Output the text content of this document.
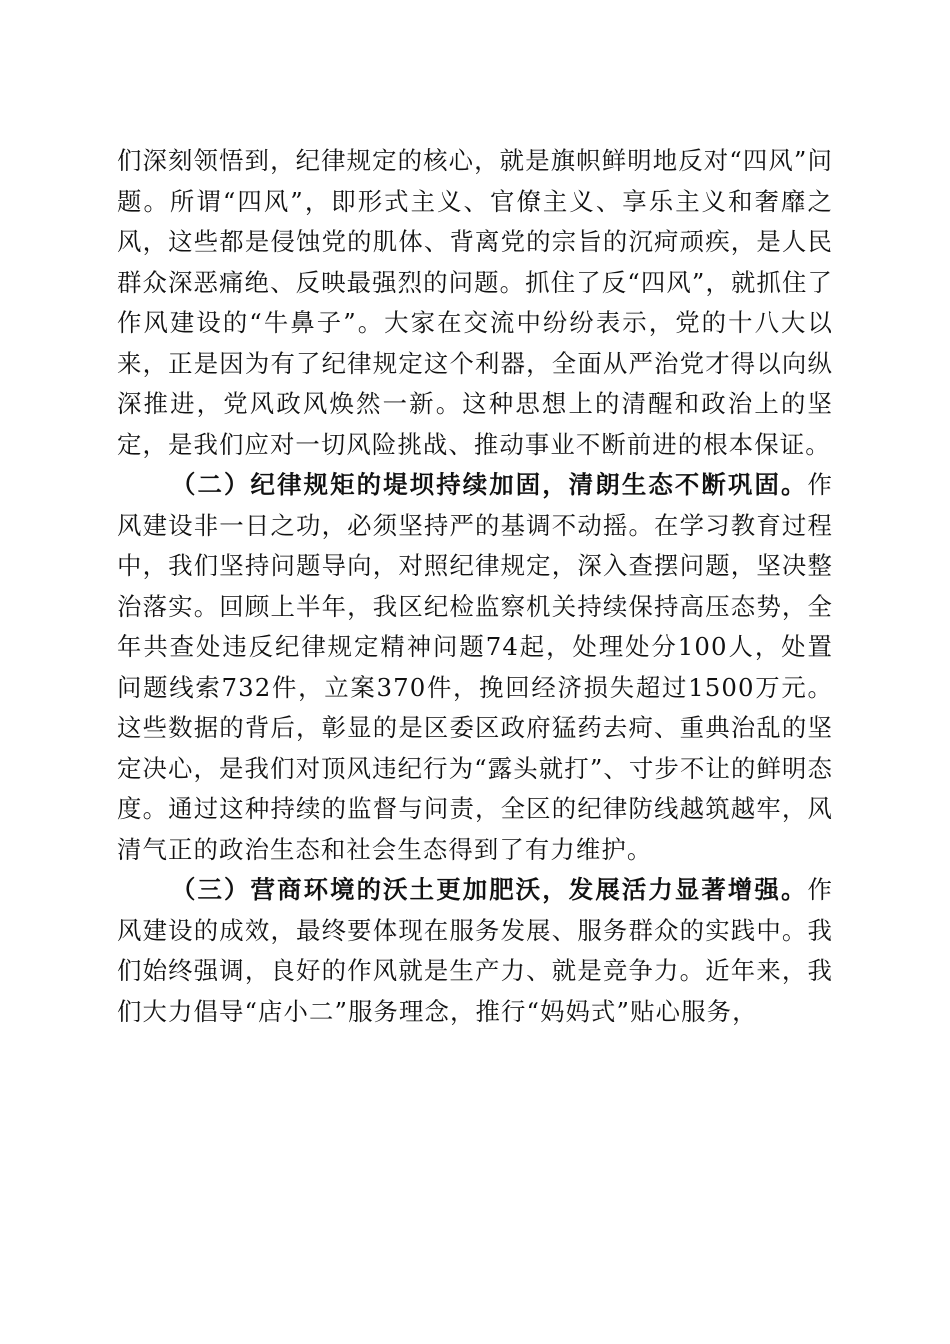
们深刻领悟到，纪律规定的核心，就是旗帜鲜明地反对“四风”问题。所谓“四风”，即形式主义、官僚主义、享乐主义和奢靡之风，这些都是侵蚀党的肌体、背离党的宗旨的沉疴顽疾，是人民群众深恶痛绝、反映最强烈的问题。抓住了反“四风”，就抓住了作风建设的“牛鼻子”。大家在交流中纷纷表示，党的十八大以来，正是因为有了纪律规定这个利器，全面从严治党才得以向纵深推进，党风政风焕然一新。这种思想上的清醒和政治上的坚定，是我们应对一切风险挑战、推动事业不断前进的根本保证。

（二）纪律规矩的堤坝持续加固，清朗生态不断巩固。作风建设非一日之功，必须坚持严的基调不动摇。在学习教育过程中，我们坚持问题导向，对照纪律规定，深入查摆问题，坚决整治落实。回顾上半年，我区纪检监察机关持续保持高压态势，全年共查处违反纪律规定精神问题74起，处理处分100人，处置问题线索732件，立案370件，挽回经济损失超过1500万元。这些数据的背后，彰显的是区委区政府猛药去疴、重典治乱的坚定决心，是我们对顶风违纪行为“露头就打”、寸步不让的鲜明态度。通过这种持续的监督与问责，全区的纪律防线越筑越牢，风清气正的政治生态和社会生态得到了有力维护。

（三）营商环境的沃土更加肥沃，发展活力显著增强。作风建设的成效，最终要体现在服务发展、服务群众的实践中。我们始终强调，良好的作风就是生产力、就是竞争力。近年来，我们大力倡导“店小二”服务理念，推行“妈妈式”贴心服务，
